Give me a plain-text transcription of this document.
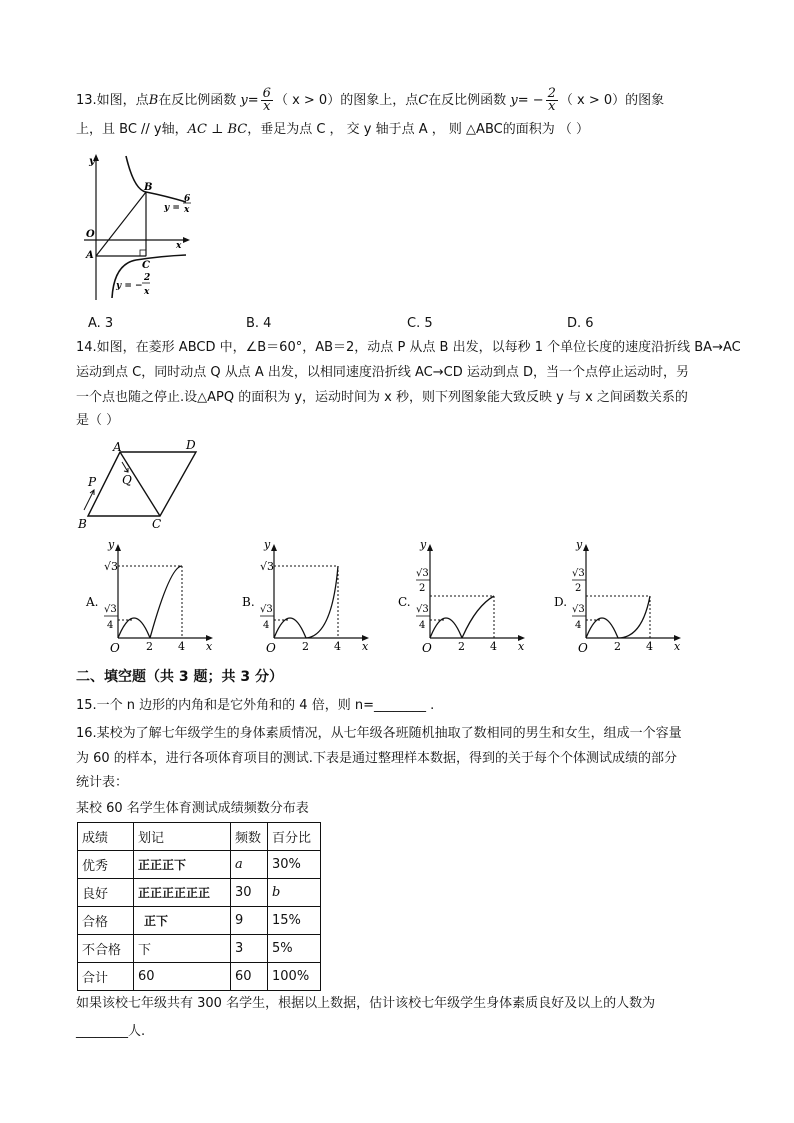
13.如图，点B在反比例函数 $y= \frac{6}{x}$ （ x > 0）的图象上，点C在反比例函数 $y= - \frac{2}{x}$ （ x > 0）的图象
上，且 BC // y轴，AC ⊥ BC，垂足为点 C ， 交 y 轴于点 A ， 则 △ABC的面积为 （ ）
y
B
y =
6
x
O
x
A
C
y = −
2
x
A. 3	B. 4	C. 5	D. 6
14.如图，在菱形 ABCD 中，∠B＝60°，AB＝2，动点 P 从点 B 出发，以每秒 1 个单位长度的速度沿折线 BA→AC
运动到点 C，同时动点 Q 从点 A 出发，以相同速度沿折线 AC→CD 运动到点 D，当一个点停止运动时，另
一个点也随之停止.设△APQ 的面积为 y，运动时间为 x 秒，则下列图象能大致反映 y 与 x 之间函数关系的
是（ ）
A	D
P Q
B	C
A.
y
√3
√3
4
O 2 4 x
B.
y
√3
√3
4
O 2 4 x
C.
y
√3
2
√3
4
O 2 4 x
D.
y
√3
2
√3
4
O 2 4 x
二、填空题（共 3 题；共 3 分）
15.一个 n 边形的内角和是它外角和的 4 倍，则 n=________ .
16.某校为了解七年级学生的身体素质情况，从七年级各班随机抽取了数相同的男生和女生，组成一个容量
为 60 的样本，进行各项体育项目的测试.下表是通过整理样本数据，得到的关于每个个体测试成绩的部分
统计表：
某校 60 名学生体育测试成绩频数分布表
成绩	划记	频数	百分比
优秀	正正正下	a	30%
良好	正正正正正正	30	b
合格	正下	9	15%
不合格	下	3	5%
合计	60	60	100%
如果该校七年级共有 300 名学生，根据以上数据，估计该校七年级学生身体素质良好及以上的人数为
________人.
